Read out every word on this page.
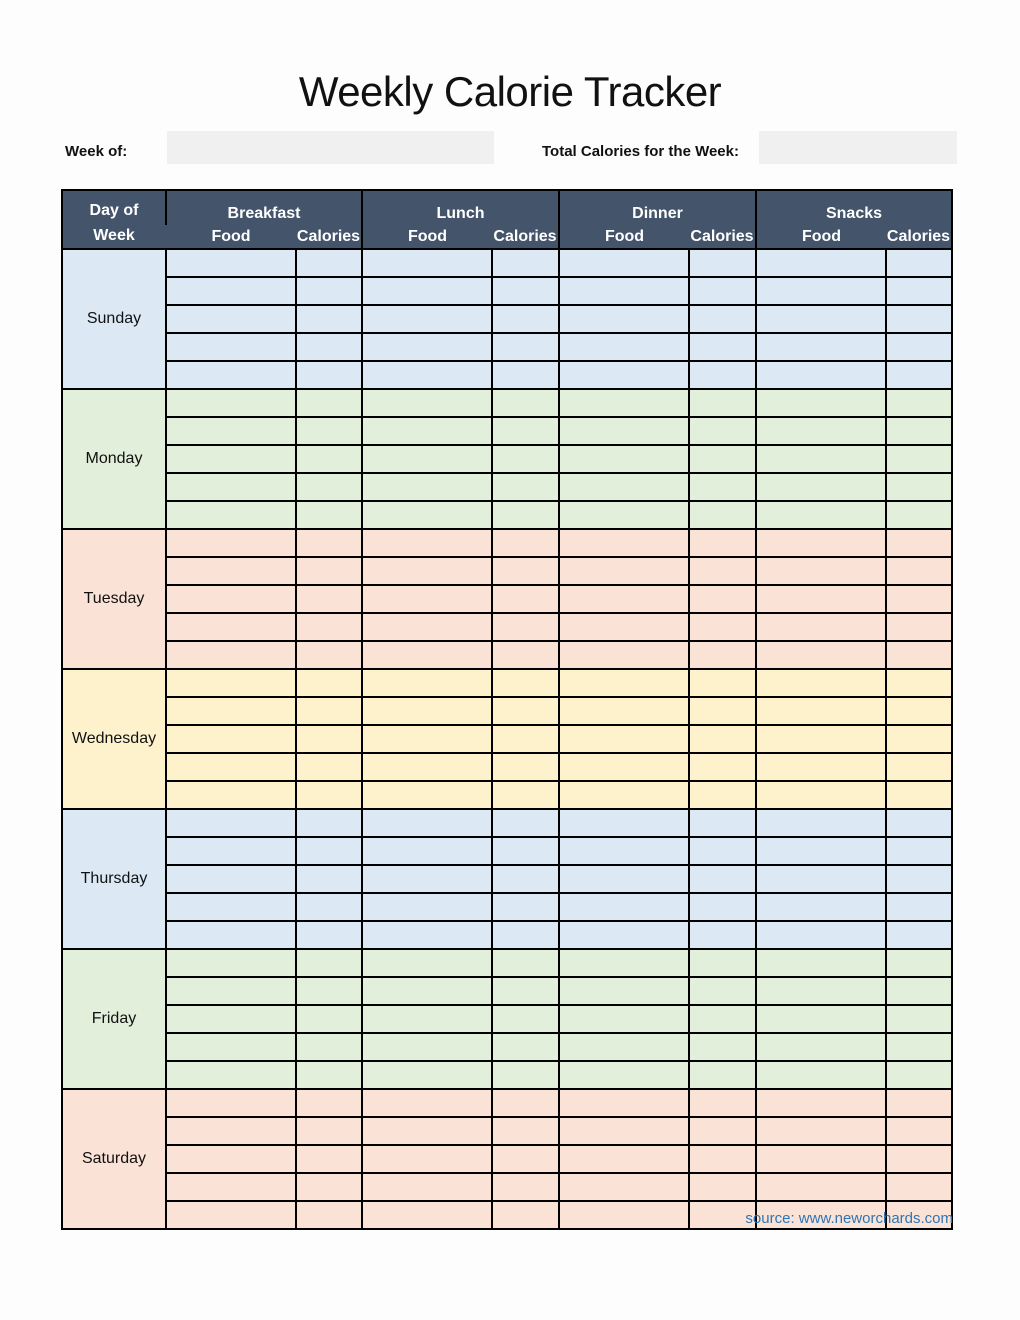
Weekly Calorie Tracker
Week of:	Total Calories for the Week:
Day of
Week	Breakfast		Lunch		Dinner		Snacks	
	Food	Calories	Food	Calories	Food	Calories	Food	Calories
Sunday								

Monday								

Tuesday								

Wednesday								

Thursday								

Friday								

Saturday								

source: www.neworchards.com
